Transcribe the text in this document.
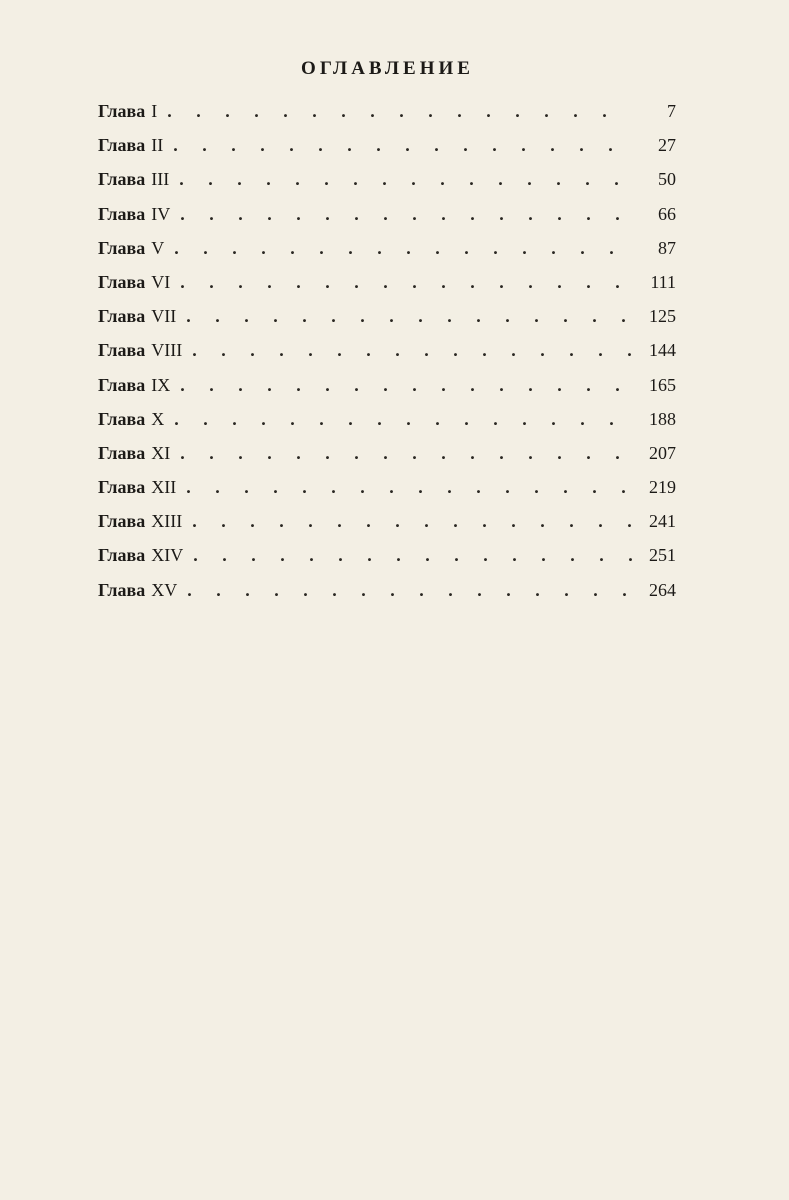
ОГЛАВЛЕНИЕ
Глава I . . .	7
Глава II . . .	27
Глава III . . .	50
Глава IV . . .	66
Глава V . . .	87
Глава VI . . .	111
Глава VII . . .	125
Глава VIII . . .	144
Глава IX . . .	165
Глава X . . .	188
Глава XI . . .	207
Глава XII . . .	219
Глава XIII . . .	241
Глава XIV . . .	251
Глава XV . . .	264
